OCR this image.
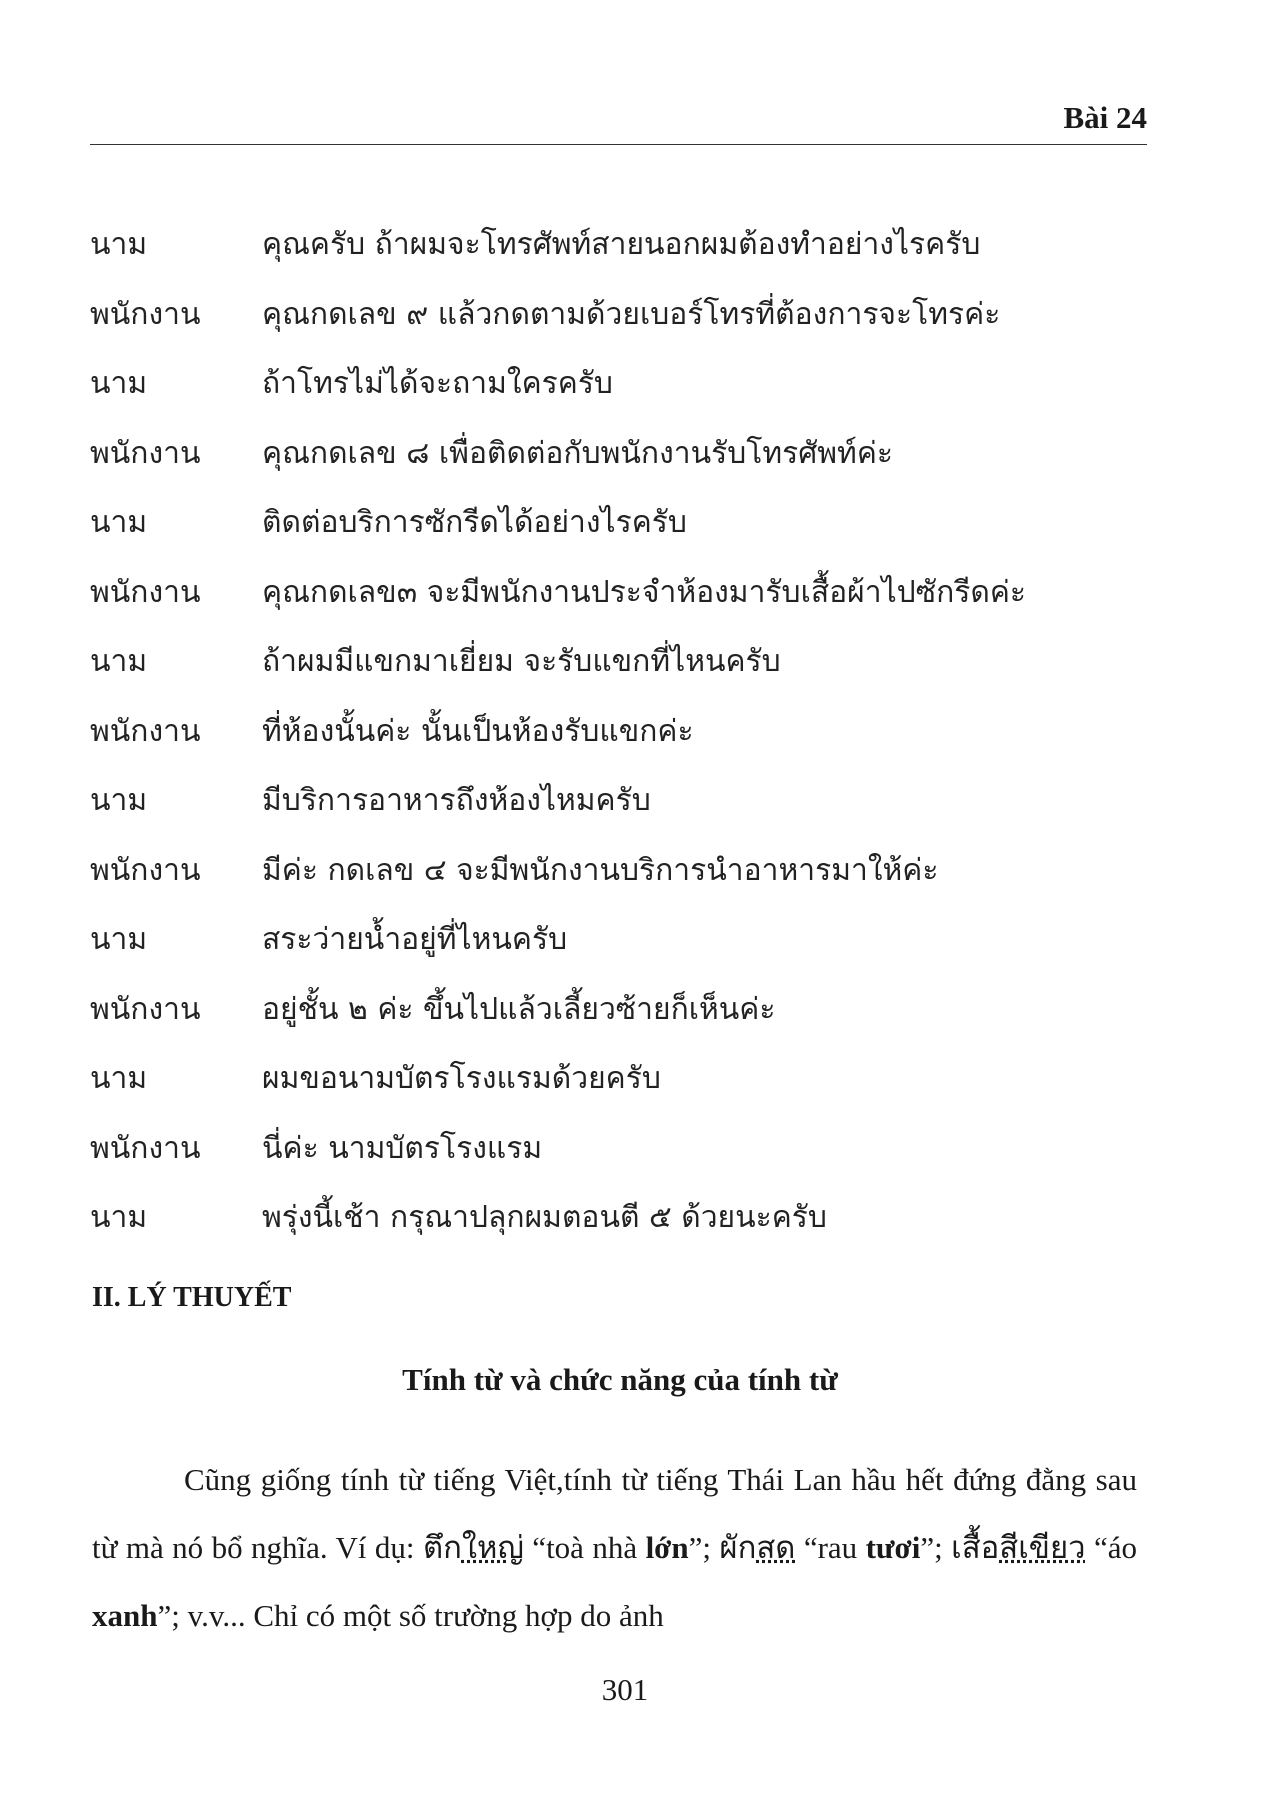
Bài 24
นาม	คุณครับ ถ้าผมจะโทรศัพท์สายนอกผมต้องทำอย่างไรครับ
พนักงาน	คุณกดเลข ๙ แล้วกดตามด้วยเบอร์โทรที่ต้องการจะโทรค่ะ
นาม	ถ้าโทรไม่ได้จะถามใครครับ
พนักงาน	คุณกดเลข ๘ เพื่อติดต่อกับพนักงานรับโทรศัพท์ค่ะ
นาม	ติดต่อบริการซักรีดได้อย่างไรครับ
พนักงาน	คุณกดเลข๓ จะมีพนักงานประจำห้องมารับเสื้อผ้าไปซักรีดค่ะ
นาม	ถ้าผมมีแขกมาเยี่ยม จะรับแขกที่ไหนครับ
พนักงาน	ที่ห้องนั้นค่ะ นั้นเป็นห้องรับแขกค่ะ
นาม	มีบริการอาหารถึงห้องไหมครับ
พนักงาน	มีค่ะ กดเลข ๔ จะมีพนักงานบริการนำอาหารมาให้ค่ะ
นาม	สระว่ายน้ำอยู่ที่ไหนครับ
พนักงาน	อยู่ชั้น ๒ ค่ะ ขึ้นไปแล้วเลี้ยวซ้ายก็เห็นค่ะ
นาม	ผมขอนามบัตรโรงแรมด้วยครับ
พนักงาน	นี่ค่ะ นามบัตรโรงแรม
นาม	พรุ่งนี้เช้า กรุณาปลุกผมตอนตี ๕ ด้วยนะครับ
II. LÝ THUYẾT
Tính từ và chức năng của tính từ

Cũng giống tính từ tiếng Việt,tính từ tiếng Thái Lan hầu hết đứng đằng sau từ mà nó bổ nghĩa. Ví dụ: ตึกใหญ่ “toà nhà lớn”; ผักสด “rau tươi”; เสื้อสีเขียว “áo xanh”; v.v... Chỉ có một số trường hợp do ảnh

301
